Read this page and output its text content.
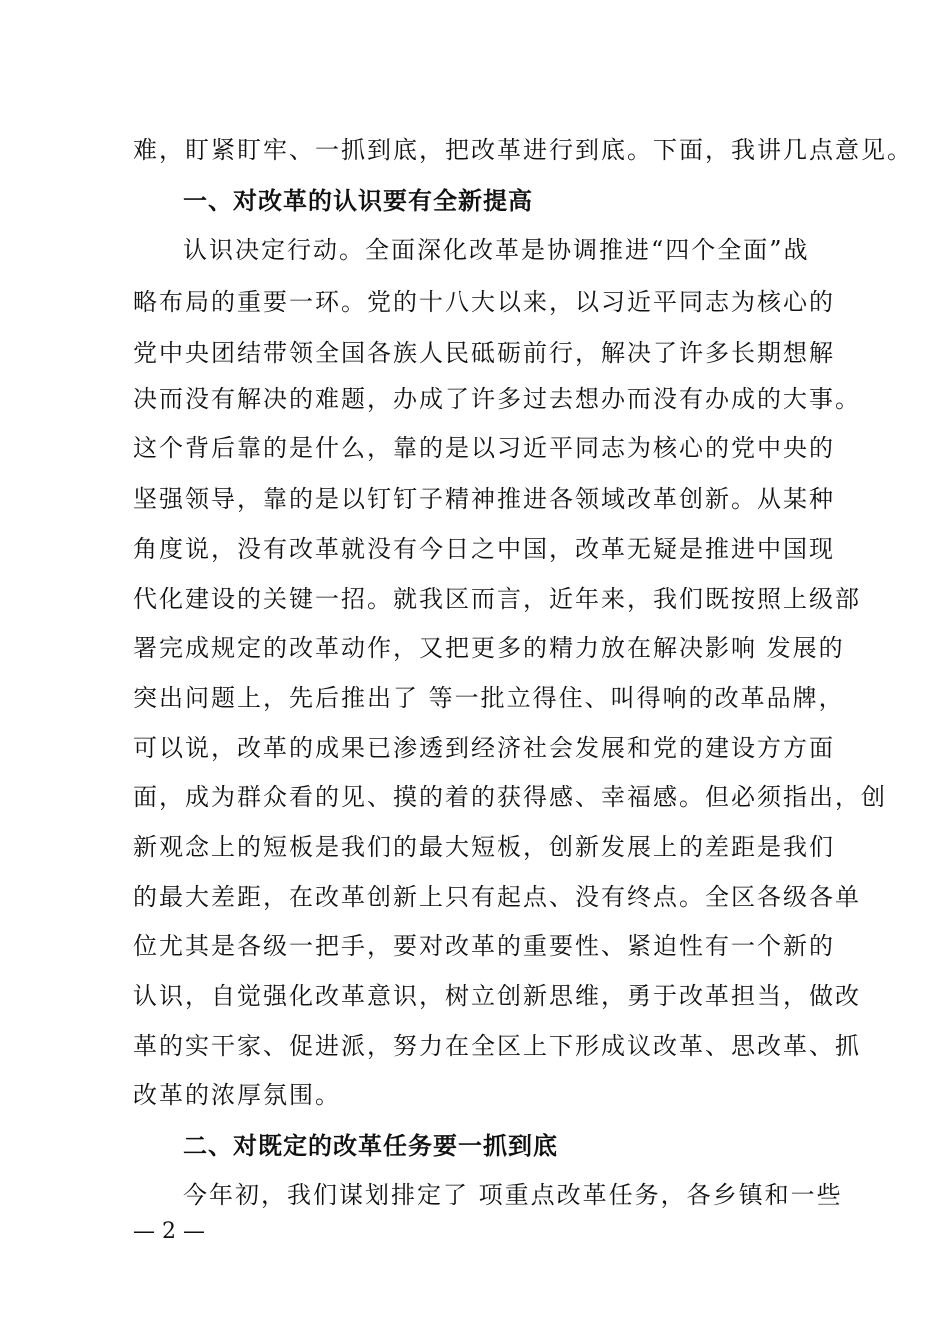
难，盯紧盯牢、一抓到底，把改革进行到底。下面，我讲几点意见。
一、对改革的认识要有全新提高
认识决定行动。全面深化改革是协调推进“四个全面”战
略布局的重要一环。党的十八大以来，以习近平同志为核心的
党中央团结带领全国各族人民砥砺前行，解决了许多长期想解
决而没有解决的难题，办成了许多过去想办而没有办成的大事。
这个背后靠的是什么，靠的是以习近平同志为核心的党中央的
坚强领导，靠的是以钉钉子精神推进各领域改革创新。从某种
角度说，没有改革就没有今日之中国，改革无疑是推进中国现
代化建设的关键一招。就我区而言，近年来，我们既按照上级部
署完成规定的改革动作，又把更多的精力放在解决影响 发展的
突出问题上，先后推出了 等一批立得住、叫得响的改革品牌，
可以说，改革的成果已渗透到经济社会发展和党的建设方方面
面，成为群众看的见、摸的着的获得感、幸福感。但必须指出，创
新观念上的短板是我们的最大短板，创新发展上的差距是我们
的最大差距，在改革创新上只有起点、没有终点。全区各级各单
位尤其是各级一把手，要对改革的重要性、紧迫性有一个新的
认识，自觉强化改革意识，树立创新思维，勇于改革担当，做改
革的实干家、促进派，努力在全区上下形成议改革、思改革、抓
改革的浓厚氛围。
二、对既定的改革任务要一抓到底
今年初，我们谋划排定了 项重点改革任务，各乡镇和一些
— 2 —
